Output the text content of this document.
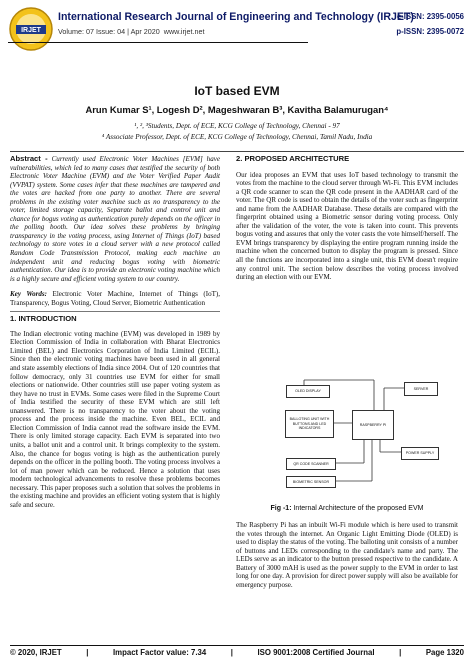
IRJET
International Research Journal of Engineering and Technology (IRJET)
e-ISSN: 2395-0056
Volume: 07 Issue: 04 | Apr 2020 www.irjet.net	p-ISSN: 2395-0072
IoT based EVM
Arun Kumar S¹, Logesh D², Mageshwaran B³, Kavitha Balamurugan⁴
¹, ², ³Students, Dept. of ECE, KCG College of Technology, Chennai - 97
⁴ Associate Professor, Dept. of ECE, KCG College of Technology, Chennai, Tamil Nadu, India

Abstract - Currently used Electronic Voter Machines [EVM] have vulnerabilities, which led to many cases that testified the security of both Electronic Voter Machine (EVM) and the Voter Verified Paper Audit (VVPAT) system. Some cases infer that these machines are tampered and the votes are hacked from one party to another. There are several problems in the existing voter machine such as no transparency to the voter, limited storage capacity, Separate ballot and control unit and chance for bogus voting as authentication purely depends on the officer in the polling booth. Our idea solves these problems by bringing transparency in the voting process, using Internet of Things (IoT) based technology to store votes in a cloud server with a new protocol called Random Code Transmission Protocol, making each machine an independent unit and reducing bogus voting with biometric authentication. Our idea is to provide an electronic voting machine which is a highly secure and efficient voting system to our country.

Key Words: Electronic Voter Machine, Internet of Things (IoT), Transparency, Bogus Voting, Cloud Server, Biometric Authentication

1. INTRODUCTION

The Indian electronic voting machine (EVM) was developed in 1989 by Election Commission of India in collaboration with Bharat Electronics Limited (BEL) and Electronics Corporation of India Limited (ECIL). Since then the electronic voting machines have been used in all general and state assembly elections of India since 2004. Out of 120 countries that follow democracy, only 31 countries use EVM for either for small elections or nationwide. Other countries still use paper voting system as they have no trust in EVMs. Some cases were filed in the Supreme Court of India testified the security of these EVM which are still left unanswered. There is no transparency to the voter about the voting process and the process inside the machine. Even BEL, ECIL and Election Commission of India cannot read the software inside the EVM. There is only limited storage capacity. Each EVM is separated into two units, a ballot unit and a control unit. It brings complexity to the system. Also, the chance for bogus voting is high as the authentication purely depends on the officer in the polling booth. The voting process involves a lot of man power which can be reduced. Hence a solution that uses modern technological advancements to resolve these problems becomes necessary. This paper proposes such a solution that solves the problems in the existing machine and provides an efficient voting system that is highly safe and secure.

2. PROPOSED ARCHITECTURE

Our idea proposes an EVM that uses IoT based technology to transmit the votes from the machine to the cloud server through Wi-Fi. This EVM includes a QR code scanner to scan the QR code present in the AADHAR card of the voter. The QR code is used to obtain the details of the voter such as fingerprint and name from the AADHAR Database. These details are compared with the fingerprint obtained using a Biometric sensor during voting process. Only after the validation of the voter, the vote is taken into count. This prevents bogus voting and assures that only the voter casts the vote himself/herself. The EVM brings transparency by displaying the entire program running inside the machine when the concerned button to display the program is pressed. Since all the functions are incorporated into a single unit, this EVM doesn't require any control unit. The section below describes the voting process involved during an election with our EVM.

OLED DISPLAY
SERVER
BALLOTING UNIT WITH BUTTONS AND LED INDICATORS
RASPBERRY PI
QR CODE SCANNER
POWER SUPPLY
BIOMETRIC SENSOR
Fig -1: Internal Architecture of the proposed EVM
The Raspberry Pi has an inbuilt Wi-Fi module which is here used to transmit the votes through the internet. An Organic Light Emitting Diode (OLED) is used to display the status of the voting. The balloting unit consists of a number of buttons and LEDs corresponding to the candidate's name and party. The LEDs serve as an indicator to the button pressed respective to the candidate. A Battery of 3000 mAH is used as the power supply to the EVM in order to last long for one day. A provision for direct power supply will also be available for emergency purpose.
© 2020, IRJET	|	Impact Factor value: 7.34	|	ISO 9001:2008 Certified Journal	|	Page 1320
